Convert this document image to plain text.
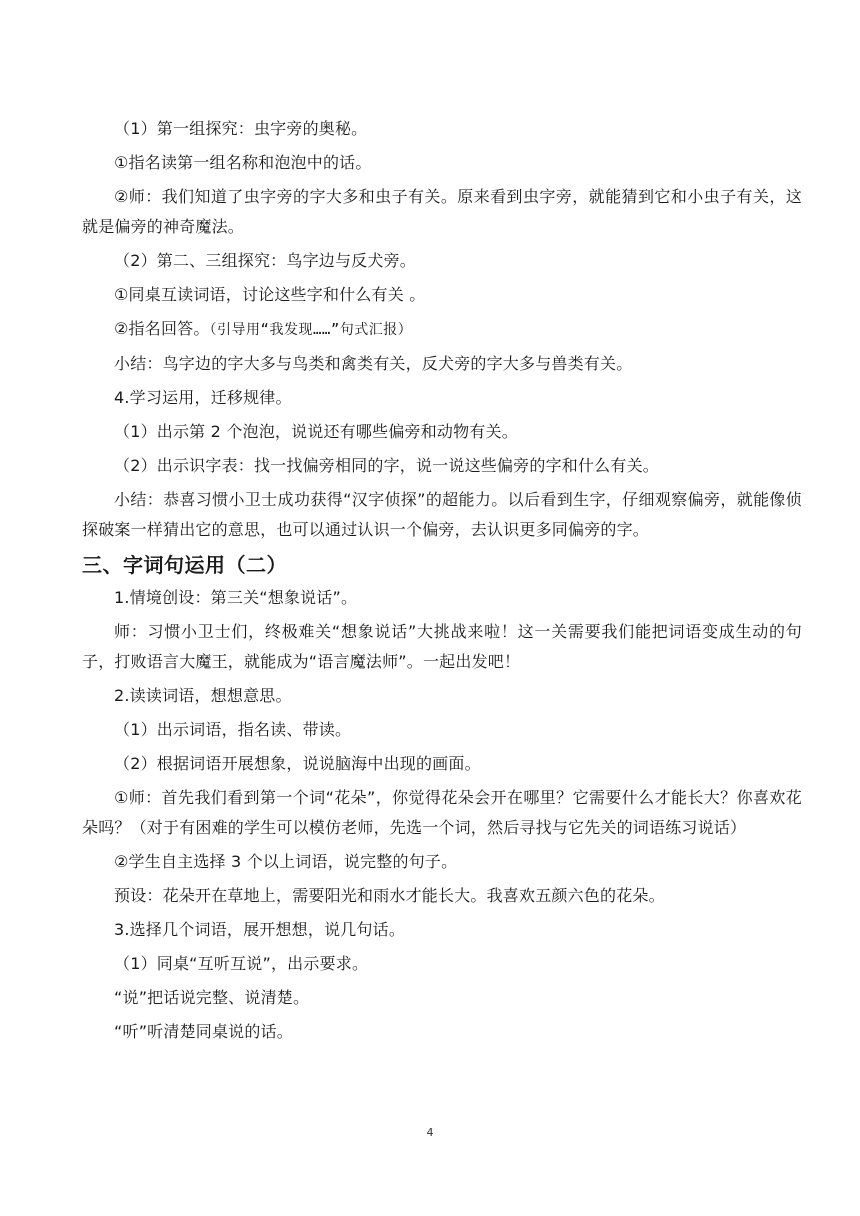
（1）第一组探究：虫字旁的奥秘。

①指名读第一组名称和泡泡中的话。

②师：我们知道了虫字旁的字大多和虫子有关。原来看到虫字旁，就能猜到它和小虫子有关，这就是偏旁的神奇魔法。

（2）第二、三组探究：鸟字边与反犬旁。

①同桌互读词语，讨论这些字和什么有关 。

②指名回答。（引导用“我发现……”句式汇报）

小结：鸟字边的字大多与鸟类和禽类有关，反犬旁的字大多与兽类有关。

4.学习运用，迁移规律。

（1）出示第 2 个泡泡，说说还有哪些偏旁和动物有关。

（2）出示识字表：找一找偏旁相同的字，说一说这些偏旁的字和什么有关。

小结：恭喜习惯小卫士成功获得“汉字侦探”的超能力。以后看到生字，仔细观察偏旁，就能像侦探破案一样猜出它的意思，也可以通过认识一个偏旁，去认识更多同偏旁的字。

三、字词句运用（二）

1.情境创设：第三关“想象说话”。

师：习惯小卫士们，终极难关“想象说话”大挑战来啦！这一关需要我们能把词语变成生动的句子，打败语言大魔王，就能成为“语言魔法师”。一起出发吧！

2.读读词语，想想意思。

（1）出示词语，指名读、带读。

（2）根据词语开展想象，说说脑海中出现的画面。

①师：首先我们看到第一个词“花朵”，你觉得花朵会开在哪里？它需要什么才能长大？你喜欢花朵吗？（对于有困难的学生可以模仿老师，先选一个词，然后寻找与它先关的词语练习说话）

②学生自主选择 3 个以上词语，说完整的句子。

预设：花朵开在草地上，需要阳光和雨水才能长大。我喜欢五颜六色的花朵。

3.选择几个词语，展开想想，说几句话。

（1）同桌“互听互说”，出示要求。

“说”把话说完整、说清楚。

“听”听清楚同桌说的话。

4
